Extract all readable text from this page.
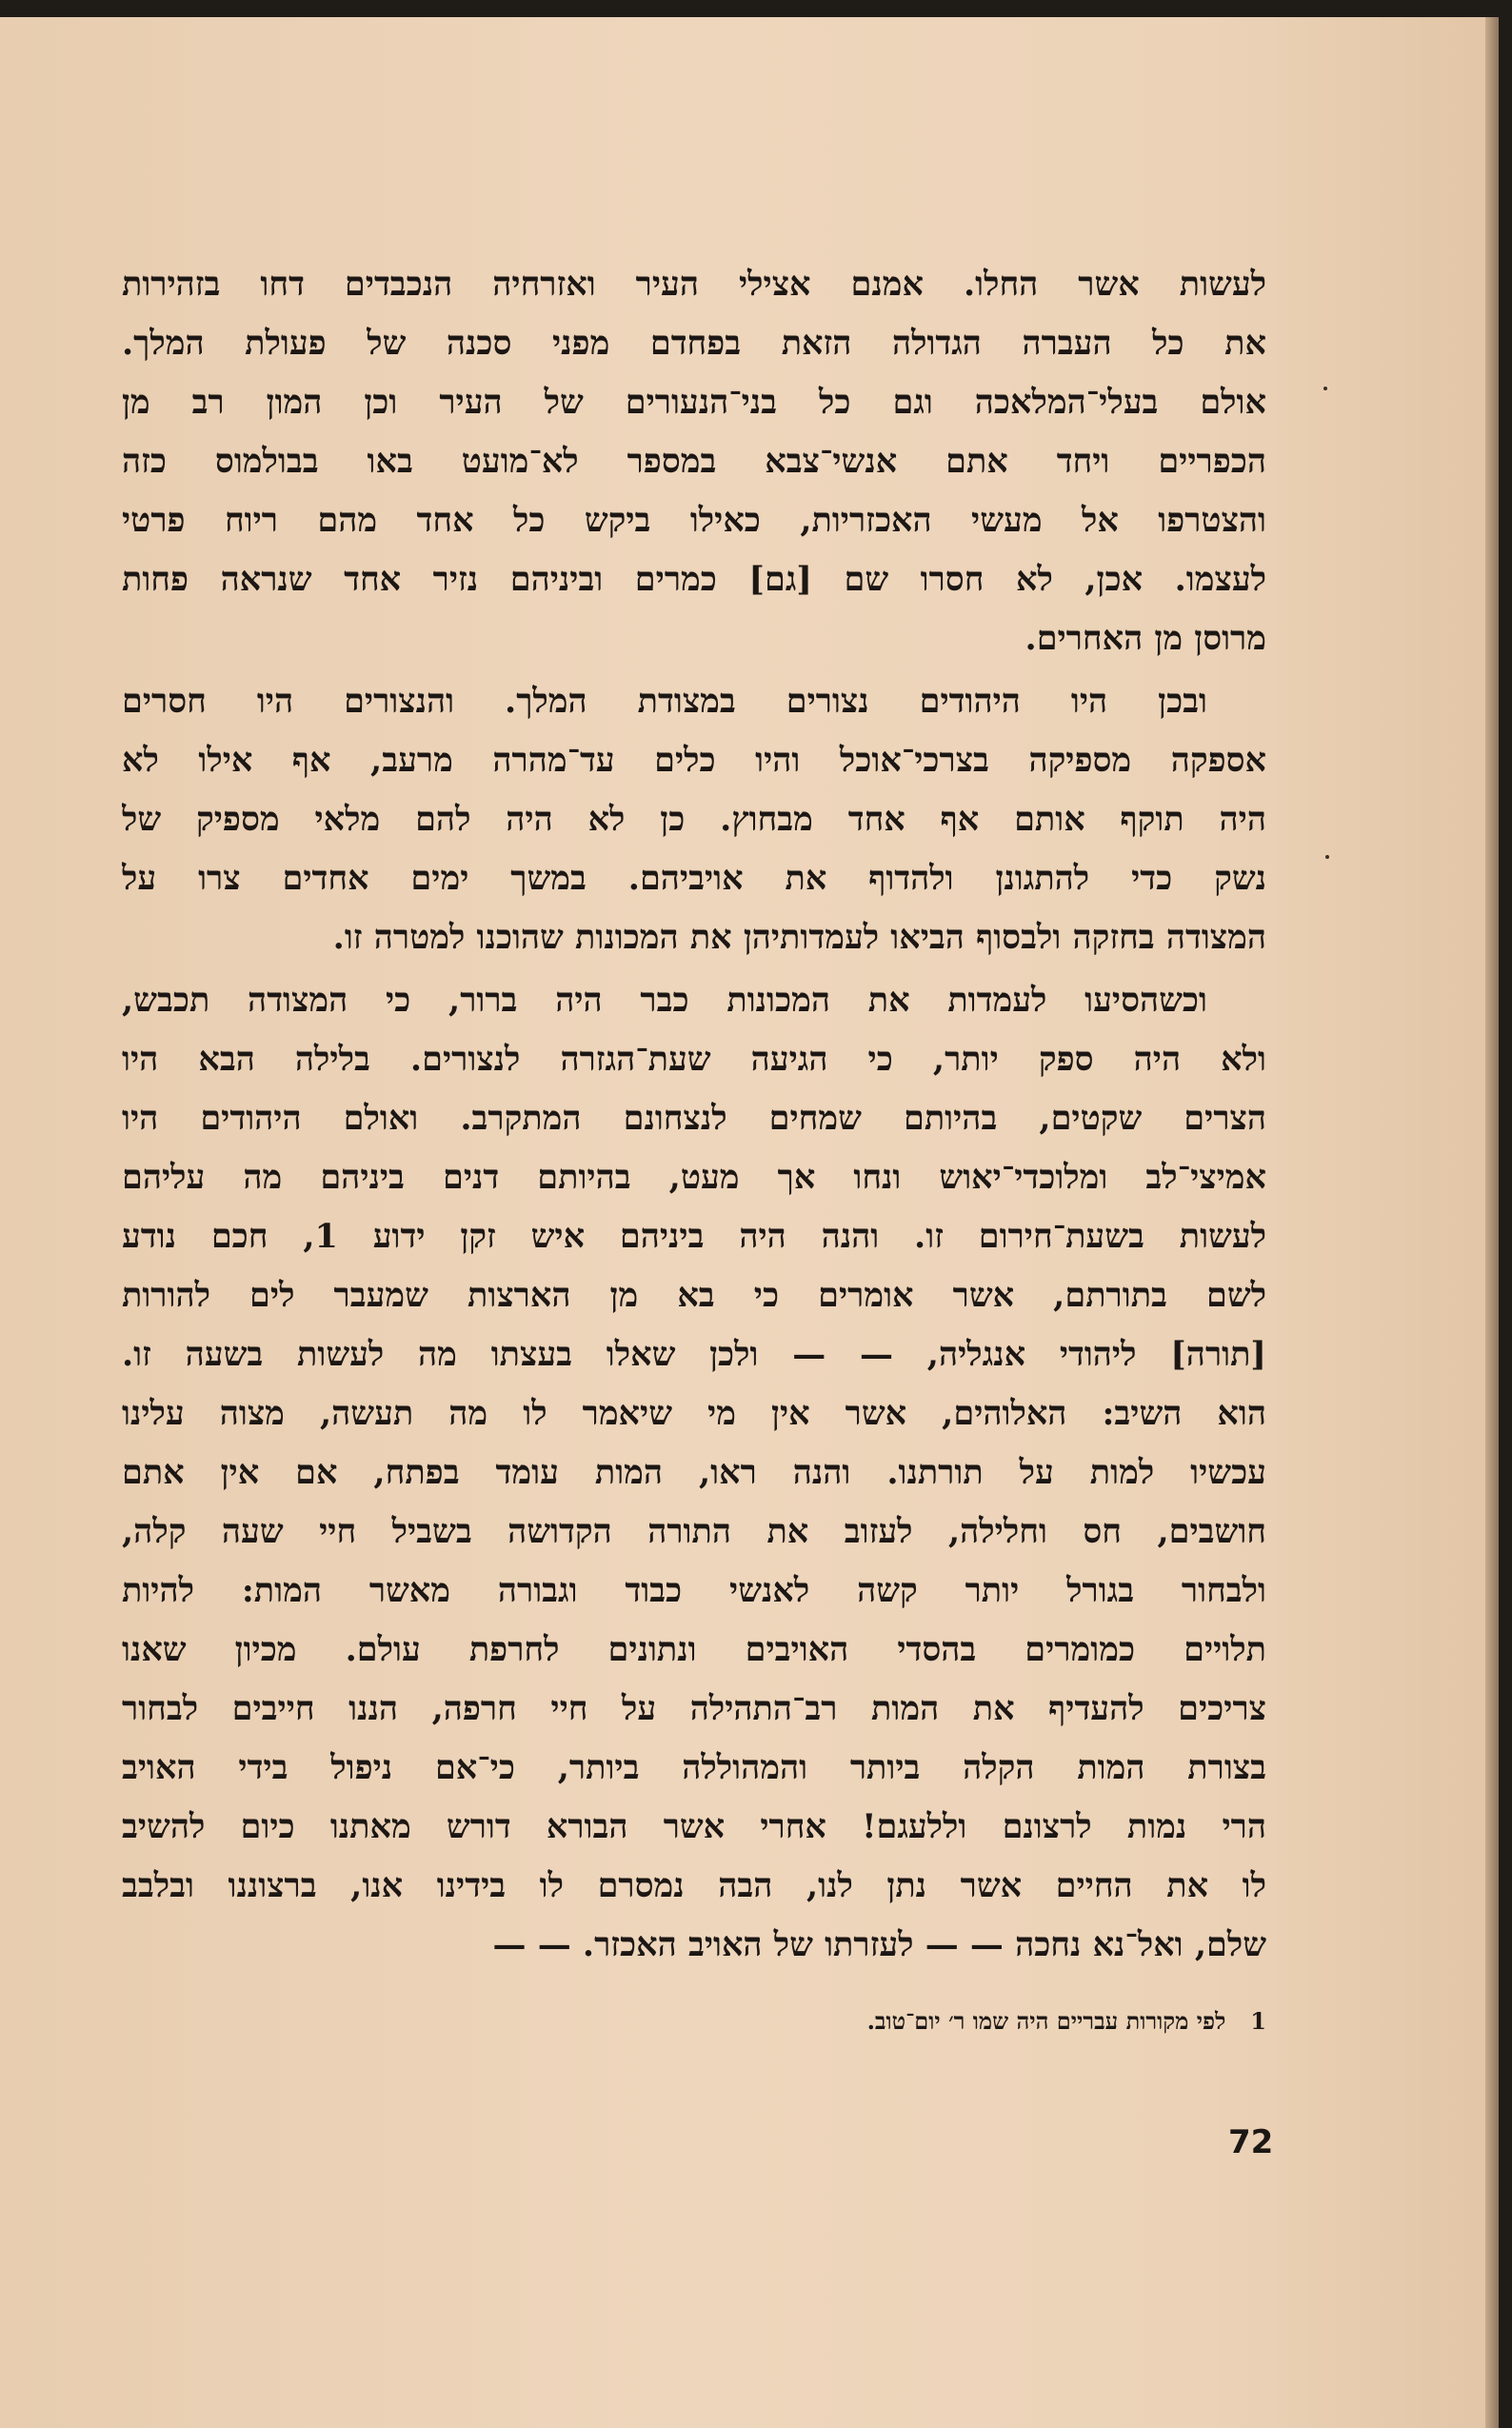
לעשות אשר החלו. אמנם אצילי העיר ואזרחיה הנכבדים דחו בזהירות
את כל העברה הגדולה הזאת בפחדם מפני סכנה של פעולת המלך.
אולם בעלי־המלאכה וגם כל בני־הנעורים של העיר וכן המון רב מן
הכפריים ויחד אתם אנשי־צבא במספר לא־מועט באו בבולמוס כזה
והצטרפו אל מעשי האכזריות, כאילו ביקש כל אחד מהם ריוח פרטי
לעצמו. אכן, לא חסרו שם [גם] כמרים וביניהם נזיר אחד שנראה פחות
מרוסן מן האחרים.
ובכן היו היהודים נצורים במצודת המלך. והנצורים היו חסרים
אספקה מספיקה בצרכי־אוכל והיו כלים עד־מהרה מרעב, אף אילו לא
היה תוקף אותם אף אחד מבחוץ. כן לא היה להם מלאי מספיק של
נשק כדי להתגונן ולהדוף את אויביהם. במשך ימים אחדים צרו על
המצודה בחזקה ולבסוף הביאו לעמדותיהן את המכונות שהוכנו למטרה זו.
וכשהסיעו לעמדות את המכונות כבר היה ברור, כי המצודה תכבש,
ולא היה ספק יותר, כי הגיעה שעת־הגזרה לנצורים. בלילה הבא היו
הצרים שקטים, בהיותם שמחים לנצחונם המתקרב. ואולם היהודים היו
אמיצי־לב ומלוכדי־יאוש ונחו אך מעט, בהיותם דנים ביניהם מה עליהם
לעשות בשעת־חירום זו. והנה היה ביניהם איש זקן ידוע 1, חכם נודע
לשם בתורתם, אשר אומרים כי בא מן הארצות שמעבר לים להורות
[תורה] ליהודי אנגליה, — — ולכן שאלו בעצתו מה לעשות בשעה זו.
הוא השיב: האלוהים, אשר אין מי שיאמר לו מה תעשה, מצוה עלינו
עכשיו למות על תורתנו. והנה ראו, המות עומד בפתח, אם אין אתם
חושבים, חס וחלילה, לעזוב את התורה הקדושה בשביל חיי שעה קלה,
ולבחור בגורל יותר קשה לאנשי כבוד וגבורה מאשר המות: להיות
תלויים כמומרים בהסדי האויבים ונתונים לחרפת עולם. מכיון שאנו
צריכים להעדיף את המות רב־התהילה על חיי חרפה, הננו חייבים לבחור
בצורת המות הקלה ביותר והמהוללה ביותר, כי־אם ניפול בידי האויב
הרי נמות לרצונם וללעגם! אחרי אשר הבורא דורש מאתנו כיום להשיב
לו את החיים אשר נתן לנו, הבה נמסרם לו בידינו אנו, ברצוננו ובלבב
שלם, ואל־נא נחכה — — לעזרתו של האויב האכזר. — —
1לפי מקורות עבריים היה שמו ר׳ יום־טוב.
72
